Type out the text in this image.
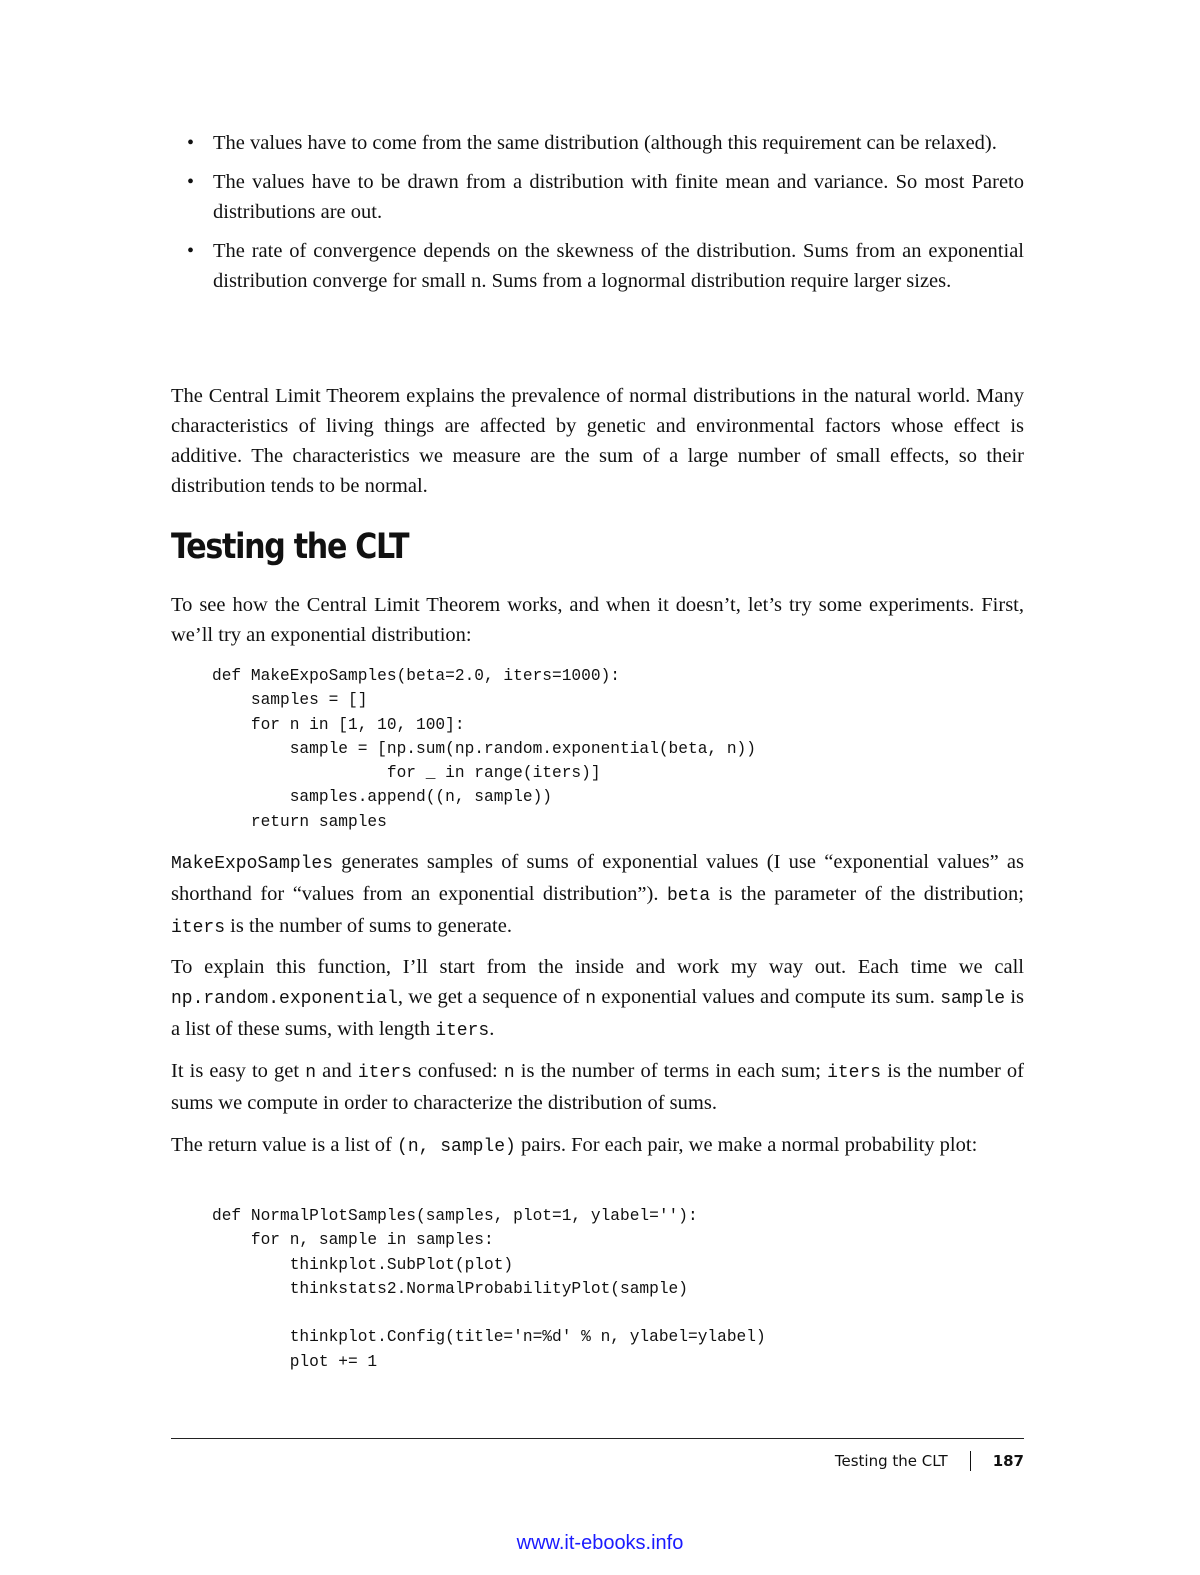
• The values have to come from the same distribution (although this requirement can be relaxed).
• The values have to be drawn from a distribution with finite mean and variance. So most Pareto distributions are out.
• The rate of convergence depends on the skewness of the distribution. Sums from an exponential distribution converge for small n. Sums from a lognormal distribution require larger sizes.

The Central Limit Theorem explains the prevalence of normal distributions in the natural world. Many characteristics of living things are affected by genetic and environmental factors whose effect is additive. The characteristics we measure are the sum of a large number of small effects, so their distribution tends to be normal.

Testing the CLT

To see how the Central Limit Theorem works, and when it doesn’t, let’s try some experiments. First, we’ll try an exponential distribution:

def MakeExpoSamples(beta=2.0, iters=1000):
samples = []
for n in [1, 10, 100]:
sample = [np.sum(np.random.exponential(beta, n))
for _ in range(iters)]
samples.append((n, sample))
return samples

MakeExpoSamples generates samples of sums of exponential values (I use “exponential values” as shorthand for “values from an exponential distribution”). beta is the parameter of the distribution; iters is the number of sums to generate.

To explain this function, I’ll start from the inside and work my way out. Each time we call np.random.exponential, we get a sequence of n exponential values and compute its sum. sample is a list of these sums, with length iters.

It is easy to get n and iters confused: n is the number of terms in each sum; iters is the number of sums we compute in order to characterize the distribution of sums.

The return value is a list of (n, sample) pairs. For each pair, we make a normal probability plot:

def NormalPlotSamples(samples, plot=1, ylabel=''):
for n, sample in samples:
thinkplot.SubPlot(plot)
thinkstats2.NormalProbabilityPlot(sample)

thinkplot.Config(title='n=%d' % n, ylabel=ylabel)
plot += 1
Testing the CLT	187
www.it-ebooks.info
